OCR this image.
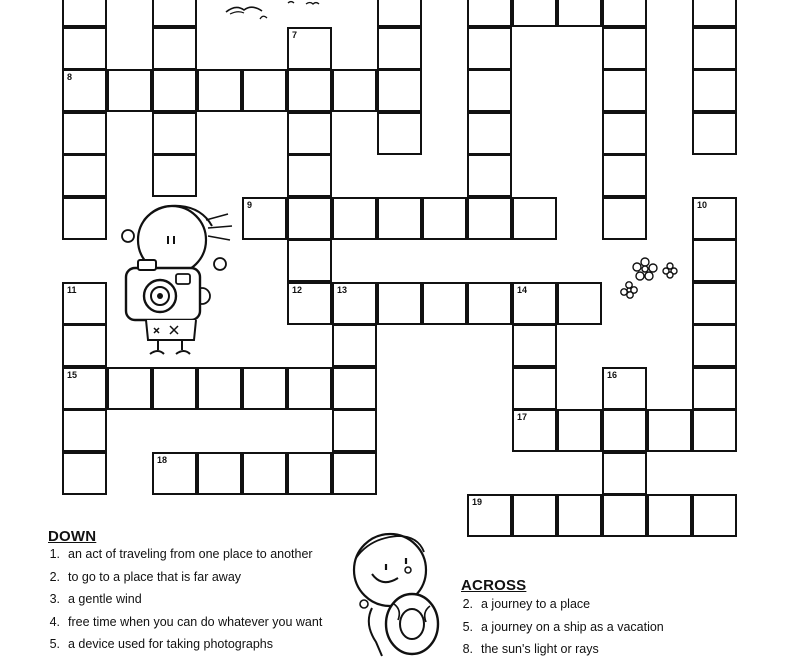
7
8
9	10
11	12	13	14
15	16
17
18
19
DOWN
1. an act of traveling from one place to another
2. to go to a place that is far away
3. a gentle wind
4. free time when you can do whatever you want
5. a device used for taking photographs
ACROSS
2. a journey to a place
5. a journey on a ship as a vacation
8. the sun's light or rays
